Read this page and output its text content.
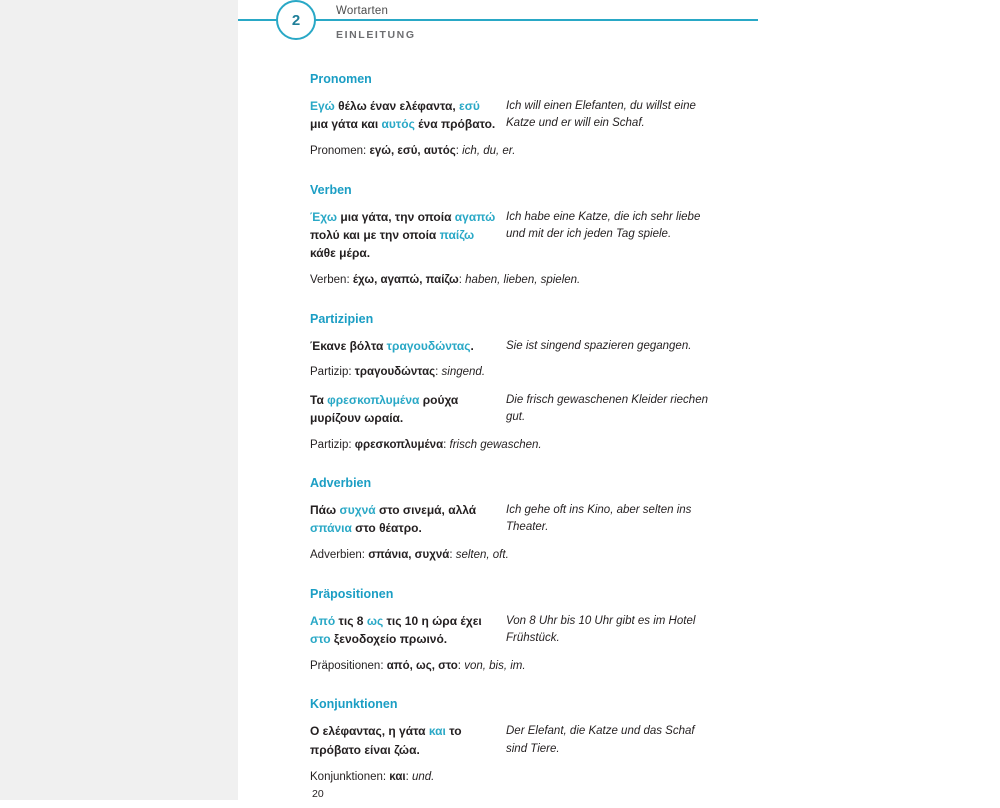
2
Wortarten
EINLEITUNG
Pronomen
Εγώ θέλω έναν ελέφαντα, εσύ μια γάτα και αυτός ένα πρόβατο.
Ich will einen Elefanten, du willst eine Katze und er will ein Schaf.
Pronomen: εγώ, εσύ, αυτός: ich, du, er.
Verben
Έχω μια γάτα, την οποία αγαπώ πολύ και με την οποία παίζω κάθε μέρα.
Ich habe eine Katze, die ich sehr liebe und mit der ich jeden Tag spiele.
Verben: έχω, αγαπώ, παίζω: haben, lieben, spielen.
Partizipien
Έκανε βόλτα τραγουδώντας.	Sie ist singend spazieren gegangen.
Partizip: τραγουδώντας: singend.
Τα φρεσκοπλυμένα ρούχα μυρίζουν ωραία.
Die frisch gewaschenen Kleider riechen gut.
Partizip: φρεσκοπλυμένα: frisch gewaschen.
Adverbien
Πάω συχνά στο σινεμά, αλλά σπάνια στο θέατρο.
Ich gehe oft ins Kino, aber selten ins Theater.
Adverbien: σπάνια, συχνά: selten, oft.
Präpositionen
Από τις 8 ως τις 10 η ώρα έχει στο ξενοδοχείο πρωινό.
Von 8 Uhr bis 10 Uhr gibt es im Hotel Frühstück.
Präpositionen: από, ως, στο: von, bis, im.
Konjunktionen
Ο ελέφαντας, η γάτα και το πρόβατο είναι ζώα.
Der Elefant, die Katze und das Schaf sind Tiere.
Konjunktionen: και: und.
20
